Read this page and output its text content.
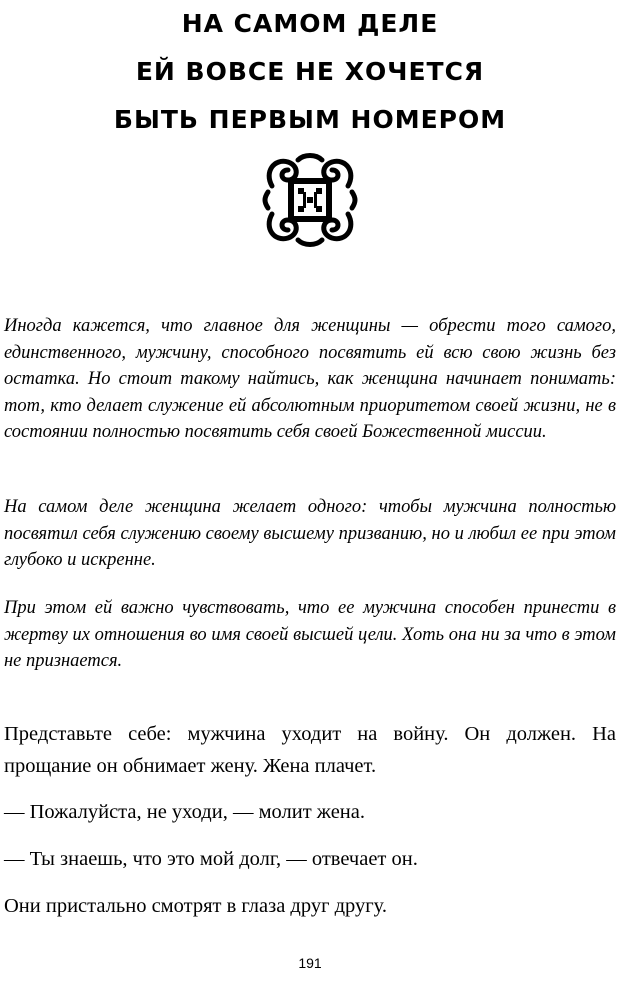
НА САМОМ ДЕЛЕ
ЕЙ ВОВСЕ НЕ ХОЧЕТСЯ
БЫТЬ ПЕРВЫМ НОМЕРОМ

Иногда кажется, что главное для женщины — обрести того самого, единственного, мужчину, способного посвятить ей всю свою жизнь без остатка. Но стоит такому найтись, как женщина начинает понимать: тот, кто делает служение ей абсолютным приоритетом своей жизни, не в состоянии полностью посвятить себя своей Божественной миссии.

На самом деле женщина желает одного: чтобы мужчина полностью посвятил себя служению своему высшему призванию, но и любил ее при этом глубоко и искренне.

При этом ей важно чувствовать, что ее мужчина способен принести в жертву их отношения во имя своей высшей цели. Хоть она ни за что в этом не признается.

Представьте себе: мужчина уходит на войну. Он должен. На прощание он обнимает жену. Жена плачет.

— Пожалуйста, не уходи, — молит жена.

— Ты знаешь, что это мой долг, — отвечает он.

Они пристально смотрят в глаза друг другу.

191
